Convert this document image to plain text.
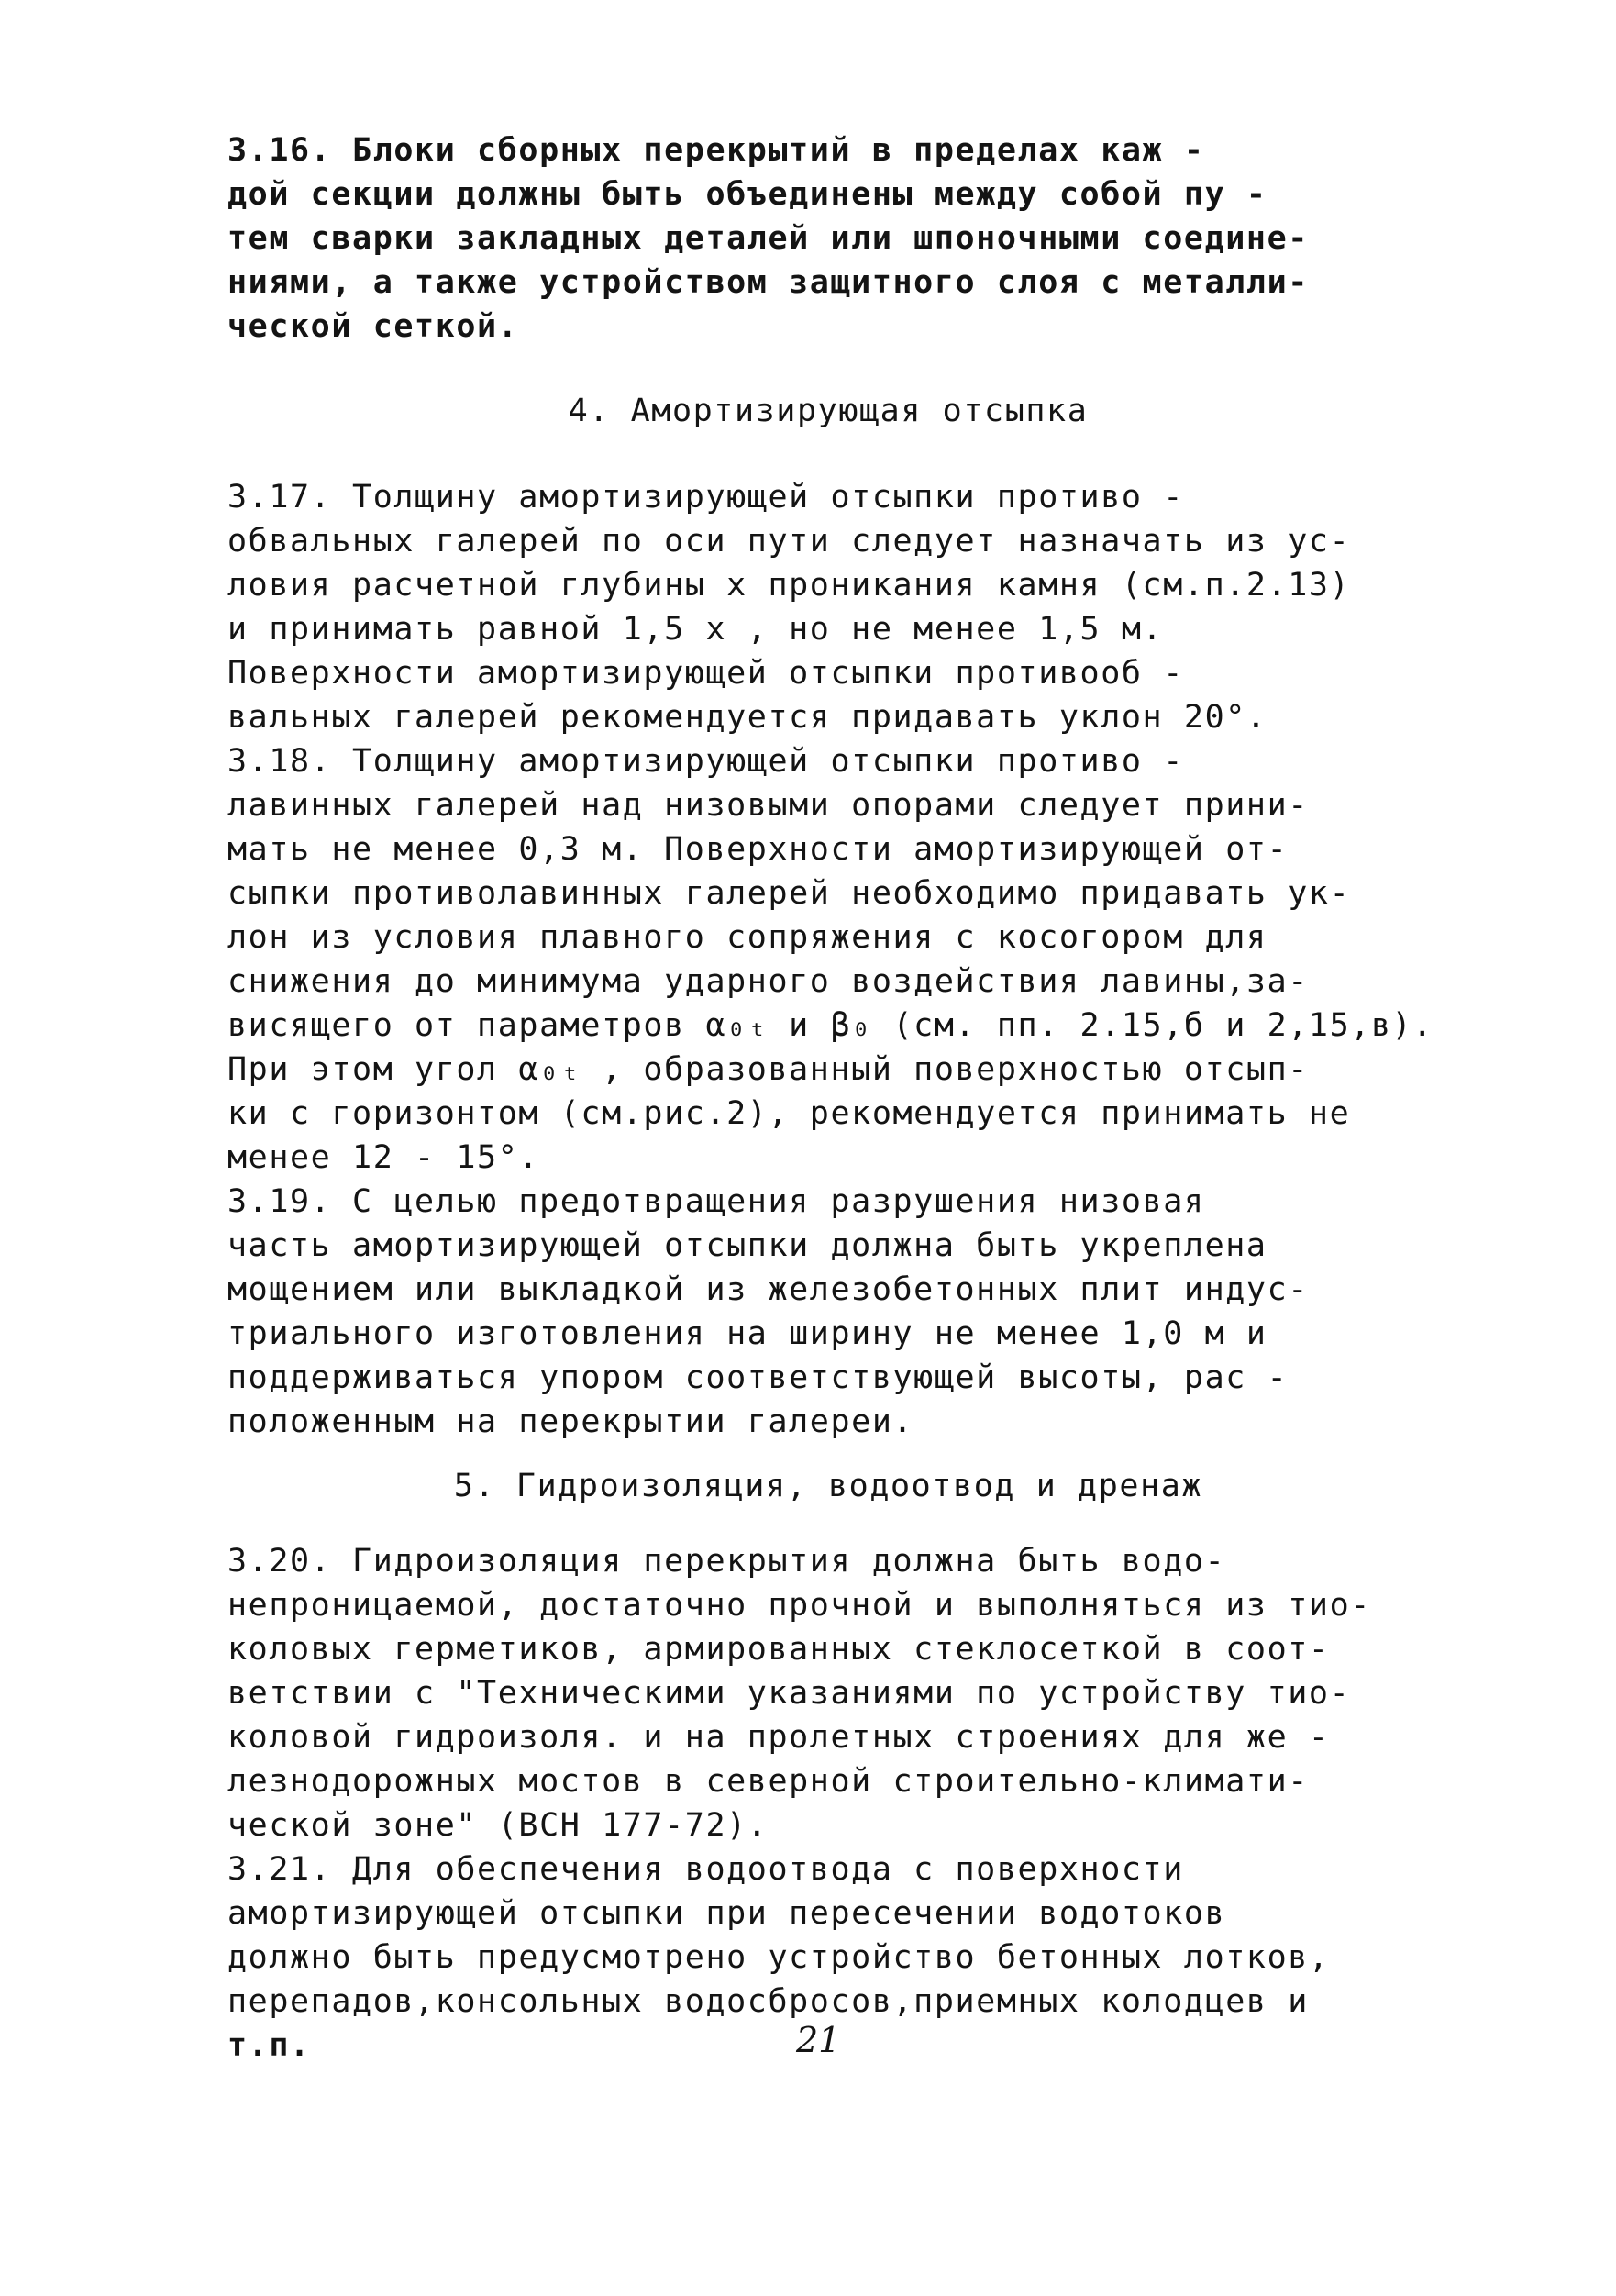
3.16. Блоки сборных перекрытий в пределах каж -
дой секции должны быть объединены между собой пу -
тем сварки закладных деталей или шпоночными соедине-
ниями, а также устройством защитного слоя с металли-
ческой сеткой.
4. Амортизирующая отсыпка
3.17. Толщину амортизирующей отсыпки противо -
обвальных галерей по оси пути следует назначать из ус-
ловия расчетной глубины x проникания камня (см.п.2.13)
и принимать равной 1,5 x , но не менее 1,5 м.
Поверхности амортизирующей отсыпки противооб -
вальных галерей рекомендуется придавать уклон 20°.
3.18. Толщину амортизирующей отсыпки противо -
лавинных галерей над низовыми опорами следует прини-
мать не менее 0,3 м. Поверхности амортизирующей от-
сыпки противолавинных галерей необходимо придавать ук-
лон из условия плавного сопряжения с косогором для
снижения до минимума ударного воздействия лавины,за-
висящего от параметров α₀ₜ и β₀ (см. пп. 2.15,б и 2,15,в).
При этом угол α₀ₜ , образованный поверхностью отсып-
ки с горизонтом (см.рис.2), рекомендуется принимать не
менее 12 - 15°.
3.19. С целью предотвращения разрушения низовая
часть амортизирующей отсыпки должна быть укреплена
мощением или выкладкой из железобетонных плит индус-
триального изготовления на ширину не менее 1,0 м и
поддерживаться упором соответствующей высоты, рас -
положенным на перекрытии галереи.
5. Гидроизоляция, водоотвод и дренаж
3.20. Гидроизоляция перекрытия должна быть водо-
непроницаемой, достаточно прочной и выполняться из тио-
коловых герметиков, армированных стеклосеткой в соот-
ветствии с "Техническими указаниями по устройству тио-
коловой гидроизоля. и на пролетных строениях для же -
лезнодорожных мостов в северной строительно-климати-
ческой зоне" (ВСН 177-72).
3.21. Для обеспечения водоотвода с поверхности
амортизирующей отсыпки при пересечении водотоков
должно быть предусмотрено устройство бетонных лотков,
перепадов,консольных водосбросов,приемных колодцев и
т.п.	21
